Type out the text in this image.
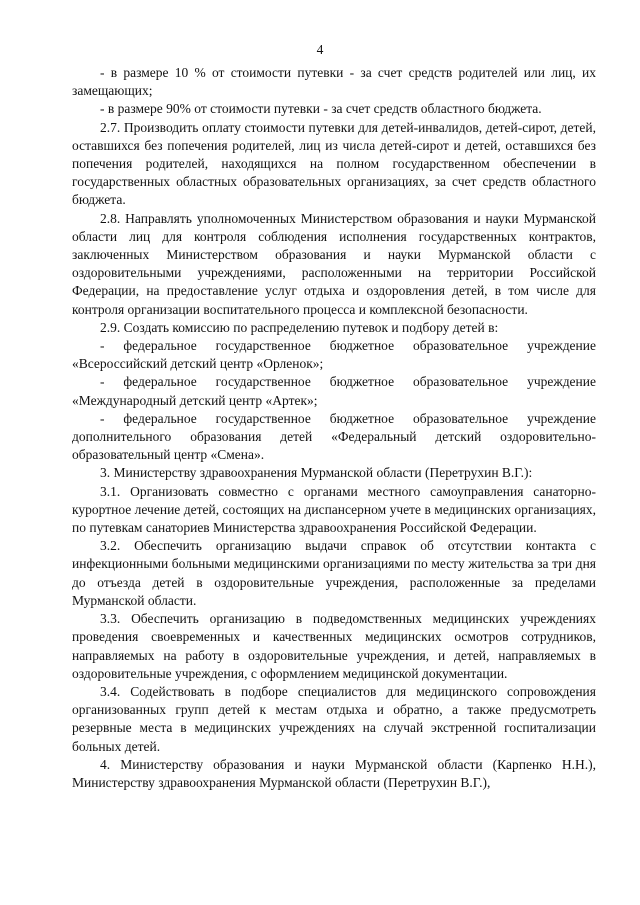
4

- в размере 10 % от стоимости путевки - за счет средств родителей или лиц, их замещающих;

- в размере 90% от стоимости путевки - за счет средств областного бюджета.

2.7. Производить оплату стоимости путевки для детей-инвалидов, детей-сирот, детей, оставшихся без попечения родителей, лиц из числа детей-сирот и детей, оставшихся без попечения родителей, находящихся на полном государственном обеспечении в государственных областных образовательных организациях, за счет средств областного бюджета.

2.8. Направлять уполномоченных Министерством образования и науки Мурманской области лиц для контроля соблюдения исполнения государственных контрактов, заключенных Министерством образования и науки Мурманской области с оздоровительными учреждениями, расположенными на территории Российской Федерации, на предоставление услуг отдыха и оздоровления детей, в том числе для контроля организации воспитательного процесса и комплексной безопасности.

2.9. Создать комиссию по распределению путевок и подбору детей в:

- федеральное государственное бюджетное образовательное учреждение «Всероссийский детский центр «Орленок»;

- федеральное государственное бюджетное образовательное учреждение «Международный детский центр «Артек»;

- федеральное государственное бюджетное образовательное учреждение дополнительного образования детей «Федеральный детский оздоровительно-образовательный центр «Смена».

3. Министерству здравоохранения Мурманской области (Перетрухин В.Г.):

3.1. Организовать совместно с органами местного самоуправления санаторно-курортное лечение детей, состоящих на диспансерном учете в медицинских организациях, по путевкам санаториев Министерства здравоохранения Российской Федерации.

3.2. Обеспечить организацию выдачи справок об отсутствии контакта с инфекционными больными медицинскими организациями по месту жительства за три дня до отъезда детей в оздоровительные учреждения, расположенные за пределами Мурманской области.

3.3. Обеспечить организацию в подведомственных медицинских учреждениях проведения своевременных и качественных медицинских осмотров сотрудников, направляемых на работу в оздоровительные учреждения, и детей, направляемых в оздоровительные учреждения, с оформлением медицинской документации.

3.4. Содействовать в подборе специалистов для медицинского сопровождения организованных групп детей к местам отдыха и обратно, а также предусмотреть резервные места в медицинских учреждениях на случай экстренной госпитализации больных детей.

4. Министерству образования и науки Мурманской области (Карпенко Н.Н.), Министерству здравоохранения Мурманской области (Перетрухин В.Г.),
